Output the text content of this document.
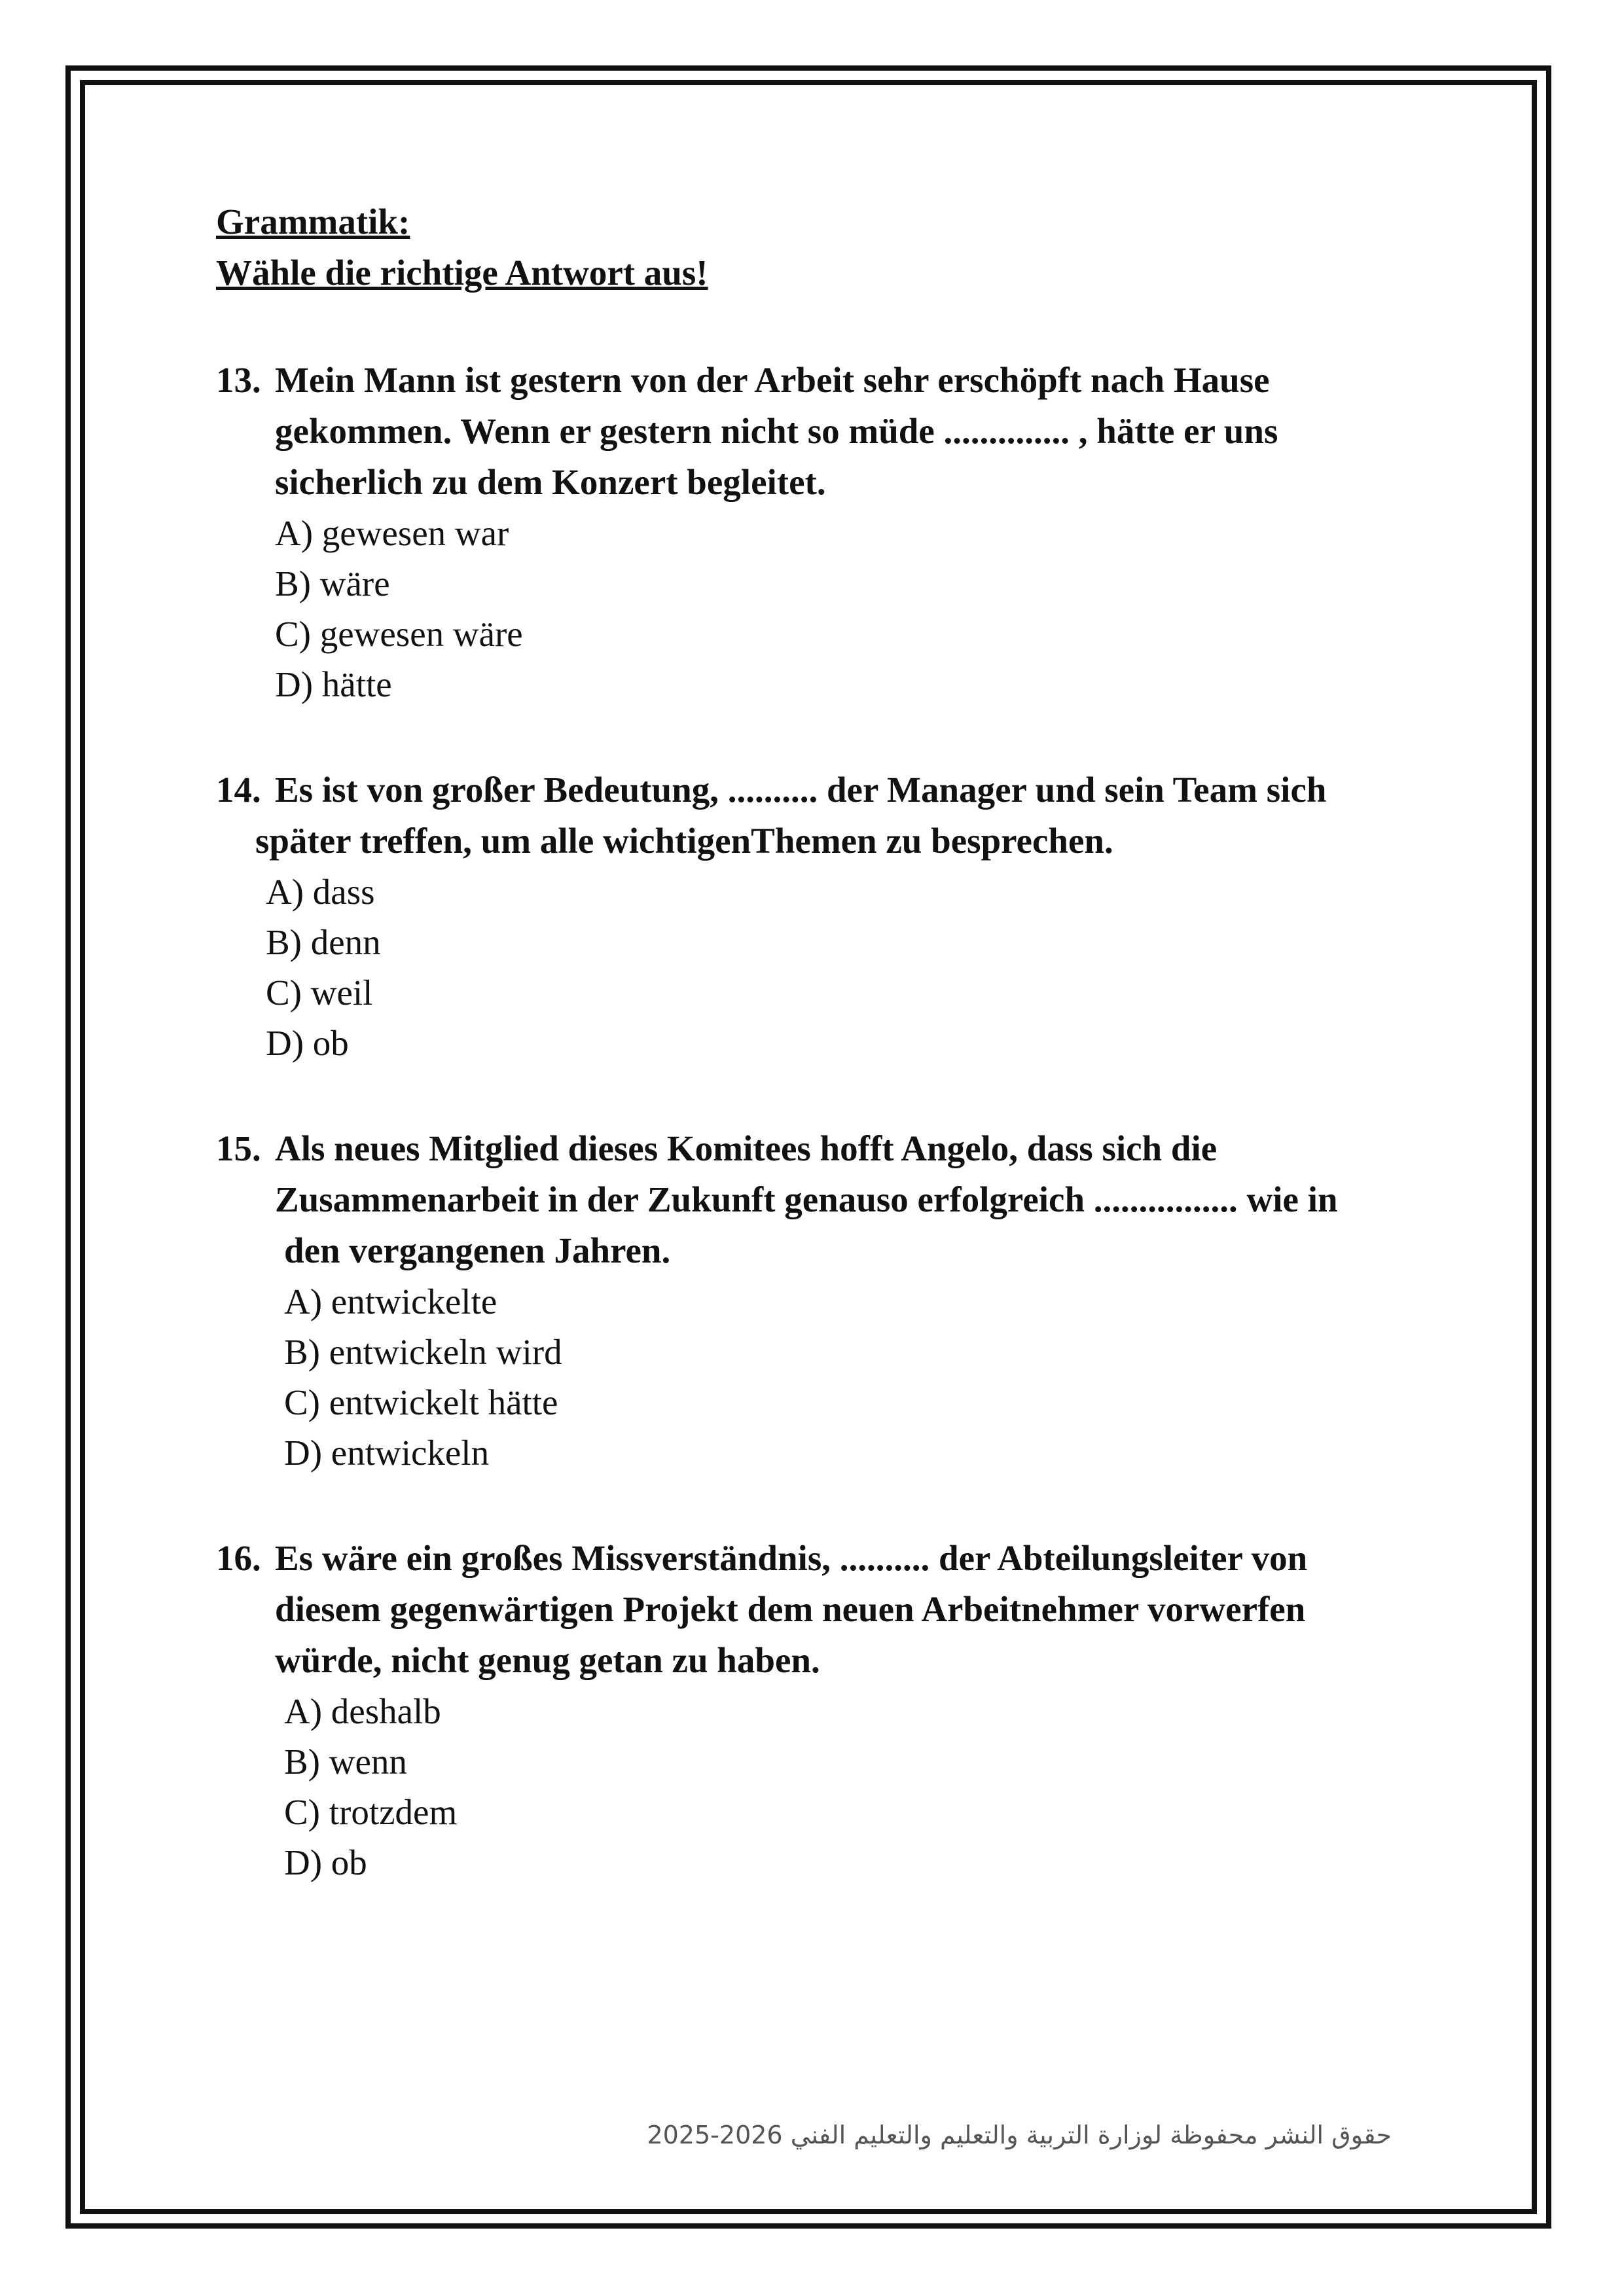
Grammatik:

Wähle die richtige Antwort aus!

13. Mein Mann ist gestern von der Arbeit sehr erschöpft nach Hause
gekommen. Wenn er gestern nicht so müde .............. , hätte er uns
sicherlich zu dem Konzert begleitet.

A) gewesen war
B) wäre
C) gewesen wäre
D) hätte
14. Es ist von großer Bedeutung, .......... der Manager und sein Team sich
später treffen, um alle wichtigenThemen zu besprechen.

A) dass
B) denn
C) weil
D) ob
15. Als neues Mitglied dieses Komitees hofft Angelo, dass sich die
Zusammenarbeit in der Zukunft genauso erfolgreich ................ wie in
den vergangenen Jahren.

A) entwickelte
B) entwickeln wird
C) entwickelt hätte
D) entwickeln
16. Es wäre ein großes Missverständnis, .......... der Abteilungsleiter von
diesem gegenwärtigen Projekt dem neuen Arbeitnehmer vorwerfen
würde, nicht genug getan zu haben.

A) deshalb
B) wenn
C) trotzdem
D) ob
حقوق النشر محفوظة لوزارة التربية والتعليم والتعليم الفني 2026-2025
